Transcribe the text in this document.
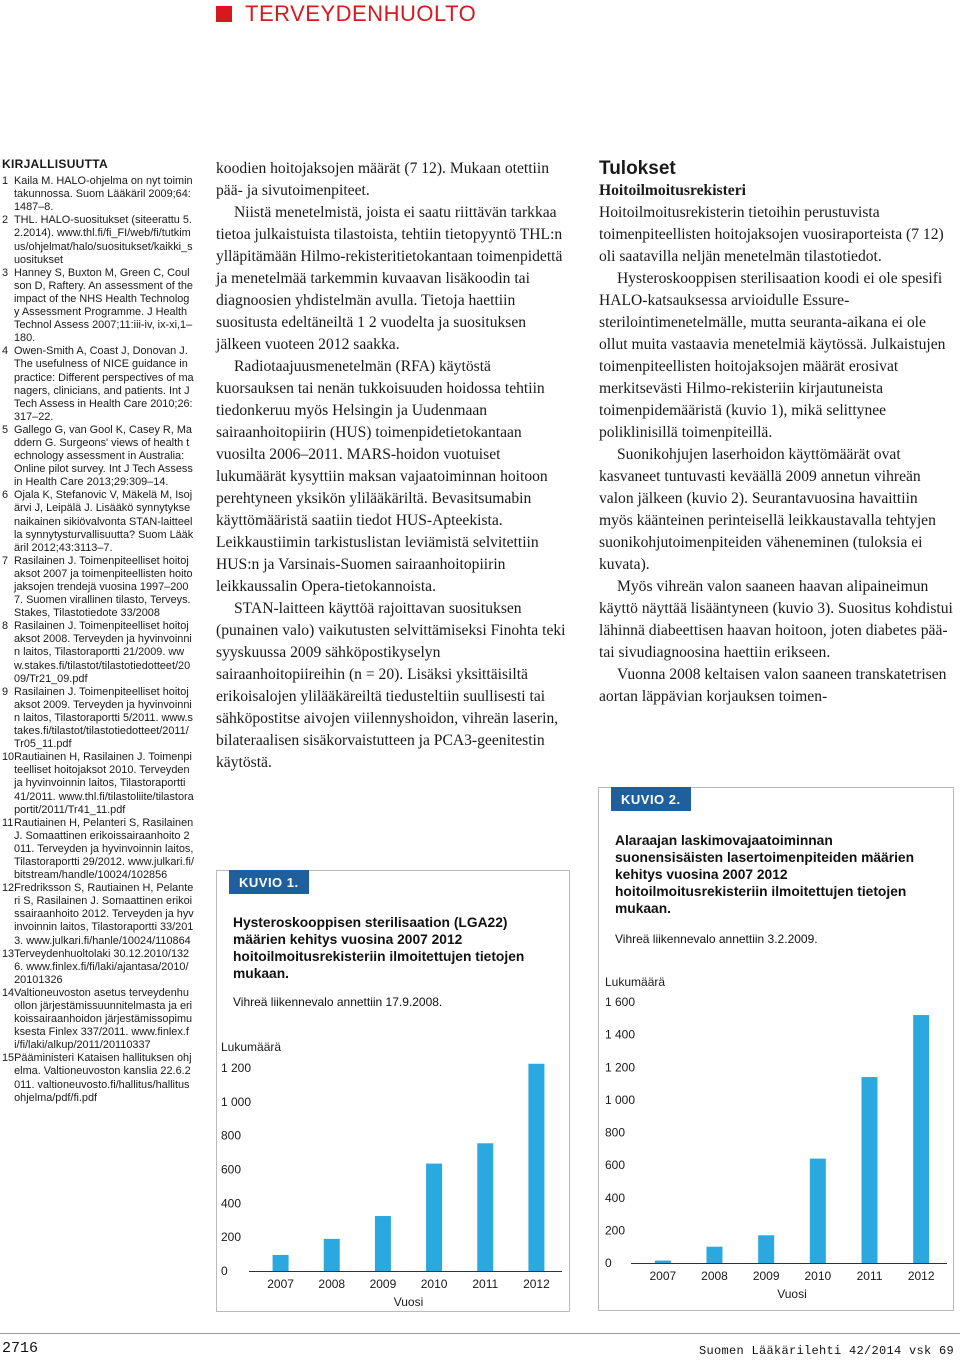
TERVEYDENHUOLTO
KIRJALLISUUTTA
1 Kaila M. HALO-ohjelma on nyt toimintakunnossa. Suom Lääkäril 2009;64:1487–8.
2 THL. HALO-suositukset (siteerattu 5.2.2014). www.thl.fi/fi_FI/web/fi/tutkimus/ohjelmat/halo/suositukset/kaikki_suositukset
3 Hanney S, Buxton M, Green C, Coulson D, Raftery. An assessment of the impact of the NHS Health Technology Assessment Programme. J Health Technol Assess 2007;11:iii-iv, ix-xi,1–180.
4 Owen-Smith A, Coast J, Donovan J. The usefulness of NICE guidance in practice: Different perspectives of managers, clinicians, and patients. Int J Tech Assess in Health Care 2010;26:317–22.
5 Gallego G, van Gool K, Casey R, Maddern G. Surgeons' views of health technology assessment in Australia: Online pilot survey. Int J Tech Assess in Health Care 2013;29:309–14.
6 Ojala K, Stefanovic V, Mäkelä M, Isojärvi J, Leipälä J. Lisääkö synnytyksenaikainen sikiövalvonta STAN-laitteella synnytysturvallisuutta? Suom Lääkäril 2012;43:3113–7.
7 Rasilainen J. Toimenpiteelliset hoitojaksot 2007 ja toimenpiteellisten hoitojaksojen trendejä vuosina 1997–2007. Suomen virallinen tilasto, Terveys. Stakes, Tilastotiedote 33/2008
8 Rasilainen J. Toimenpiteelliset hoitojaksot 2008. Terveyden ja hyvinvoinnin laitos, Tilastoraportti 21/2009. www.stakes.fi/tilastot/tilastotiedotteet/2009/Tr21_09.pdf
9 Rasilainen J. Toimenpiteelliset hoitojaksot 2009. Terveyden ja hyvinvoinnin laitos, Tilastoraportti 5/2011. www.stakes.fi/tilastot/tilastotiedotteet/2011/Tr05_11.pdf
10 Rautiainen H, Rasilainen J. Toimenpiteelliset hoitojaksot 2010. Terveyden ja hyvinvoinnin laitos, Tilastoraportti 41/2011. www.thl.fi/tilastoliite/tilastoraportit/2011/Tr41_11.pdf
11 Rautiainen H, Pelanteri S, Rasilainen J. Somaattinen erikoissairaanhoito 2011. Terveyden ja hyvinvoinnin laitos, Tilastoraportti 29/2012. www.julkari.fi/bitstream/handle/10024/102856
12 Fredriksson S, Rautiainen H, Pelanteri S, Rasilainen J. Somaattinen erikoissairaanhoito 2012. Terveyden ja hyvinvoinnin laitos, Tilastoraportti 33/2013. www.julkari.fi/hanle/10024/110864
13 Terveydenhuoltolaki 30.12.2010/1326. www.finlex.fi/fi/laki/ajantasa/2010/20101326
14 Valtioneuvoston asetus terveydenhuollon järjestämissuunnitelmasta ja erikoissairaanhoidon järjestämissopimuksesta Finlex 337/2011. www.finlex.fi/fi/laki/alkup/2011/20110337
15 Pääministeri Kataisen hallituksen ohjelma. Valtioneuvoston kanslia 22.6.2011. valtioneuvosto.fi/hallitus/hallitusohjelma/pdf/fi.pdf

koodien hoitojaksojen määrät (7 12). Mukaan otettiin pää- ja sivutoimenpiteet.

Niistä menetelmistä, joista ei saatu riittävän tarkkaa tietoa julkaistuista tilastoista, tehtiin tietopyyntö THL:n ylläpitämään Hilmo-rekisteritietokantaan toimenpidettä ja menetelmää tarkemmin kuvaavan lisäkoodin tai diagnoosien yhdistelmän avulla. Tietoja haettiin suositusta edeltäneiltä 1 2 vuodelta ja suosituksen jälkeen vuoteen 2012 saakka.

Radiotaajuusmenetelmän (RFA) käytöstä kuorsauksen tai nenän tukkoisuuden hoidossa tehtiin tiedonkeruu myös Helsingin ja Uudenmaan sairaanhoitopiirin (HUS) toimenpidetietokantaan vuosilta 2006–2011. MARS-hoidon vuotuiset lukumäärät kysyttiin maksan vajaatoiminnan hoitoon perehtyneen yksikön ylilääkäriltä. Bevasitsumabin käyttömääristä saatiin tiedot HUS-Apteekista. Leikkaustiimin tarkistuslistan leviämistä selvitettiin HUS:n ja Varsinais-Suomen sairaanhoitopiirin leikkaussalin Opera-tietokannoista.

STAN-laitteen käyttöä rajoittavan suosituksen (punainen valo) vaikutusten selvittämiseksi Finohta teki syyskuussa 2009 sähköpostikyselyn sairaanhoitopiireihin (n = 20). Lisäksi yksittäisiltä erikoisalojen ylilääkäreiltä tiedusteltiin suullisesti tai sähköpostitse aivojen viilennyshoidon, vihreän laserin, bilateraalisen sisäkorvaistutteen ja PCA3-geenitestin käytöstä.

Tulokset
Hoitoilmoitusrekisteri

Hoitoilmoitusrekisterin tietoihin perustuvista toimenpiteellisten hoitojaksojen vuosiraporteista (7 12) oli saatavilla neljän menetelmän tilastotiedot.

Hysteroskooppisen sterilisaation koodi ei ole spesifi HALO-katsauksessa arvioidulle Essure-sterilointimenetelmälle, mutta seuranta-aikana ei ole ollut muita vastaavia menetelmiä käytössä. Julkaistujen toimenpiteellisten hoitojaksojen määrät erosivat merkitsevästi Hilmo-rekisteriin kirjautuneista toimenpidemääristä (kuvio 1), mikä selittynee poliklinisillä toimenpiteillä.

Suonikohjujen laserhoidon käyttömäärät ovat kasvaneet tuntuvasti keväällä 2009 annetun vihreän valon jälkeen (kuvio 2). Seurantavuosina havaittiin myös käänteinen perinteisellä leikkaustavalla tehtyjen suonikohjutoimenpiteiden väheneminen (tuloksia ei kuvata).

Myös vihreän valon saaneen haavan alipaineimun käyttö näyttää lisääntyneen (kuvio 3). Suositus kohdistui lähinnä diabeettisen haavan hoitoon, joten diabetes pää- tai sivudiagnoosina haettiin erikseen.

Vuonna 2008 keltaisen valon saaneen transkatetrisen aortan läppävian korjauksen toimen-

KUVIO 1.
Hysteroskooppisen sterilisaation (LGA22) määrien kehitys vuosina 2007 2012 hoitoilmoitusrekisteriin ilmoitettujen tietojen mukaan.
Vihreä liikennevalo annettiin 17.9.2008.
Lukumäärä
0
200
400
600
800
1 000
1 200
2007 2008 2009 2010 2011 2012
Vuosi
KUVIO 2.
Alaraajan laskimovajaatoiminnan suonensisäisten lasertoimenpiteiden määrien kehitys vuosina 2007 2012 hoitoilmoitusrekisteriin ilmoitettujen tietojen mukaan.
Vihreä liikennevalo annettiin 3.2.2009.
Lukumäärä
0
200
400
600
800
1 000
1 200
1 400
1 600
2007 2008 2009 2010 2011 2012
Vuosi
2716	Suomen Lääkärilehti 42/2014 vsk 69
